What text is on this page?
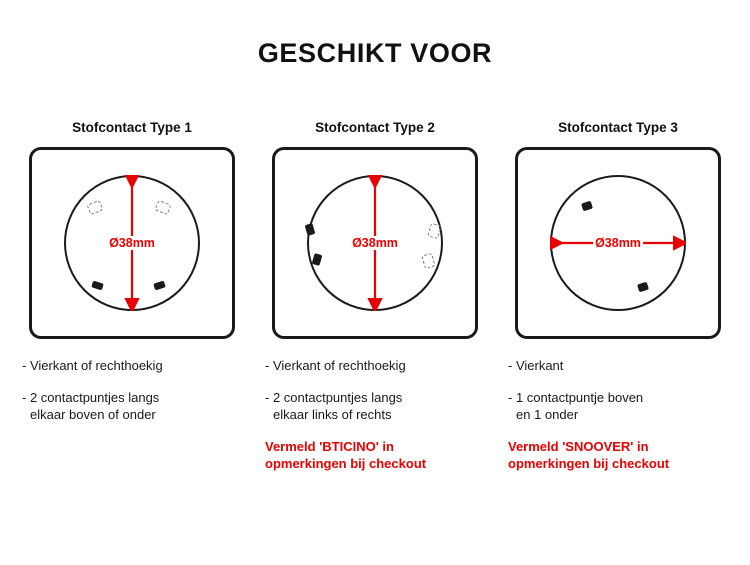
GESCHIKT VOOR
Stofcontact Type 1
Ø38mm
- Vierkant of rechthoekig
- 2 contactpuntjes langs
elkaar boven of onder
Stofcontact Type 2
Ø38mm
- Vierkant of rechthoekig
- 2 contactpuntjes langs
elkaar links of rechts
Vermeld 'BTICINO' in opmerkingen bij checkout
Stofcontact Type 3
Ø38mm
- Vierkant
- 1 contactpuntje boven
en 1 onder
Vermeld 'SNOOVER' in opmerkingen bij checkout
